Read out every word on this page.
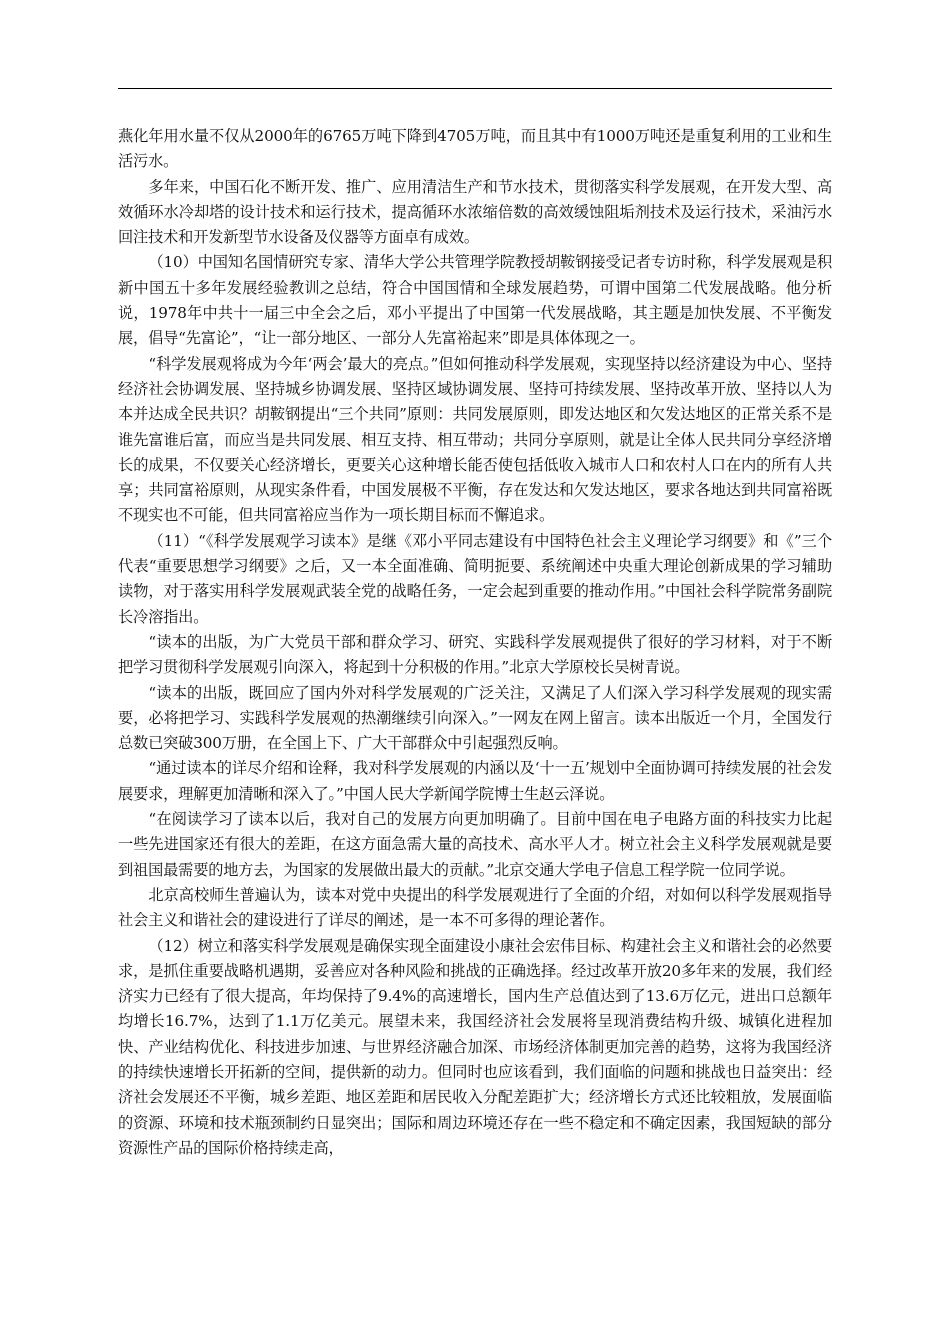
燕化年用水量不仅从2000年的6765万吨下降到4705万吨，而且其中有1000万吨还是重复利用的工业和生活污水。

多年来，中国石化不断开发、推广、应用清洁生产和节水技术，贯彻落实科学发展观，在开发大型、高效循环水冷却塔的设计技术和运行技术，提高循环水浓缩倍数的高效缓蚀阻垢剂技术及运行技术，采油污水回注技术和开发新型节水设备及仪器等方面卓有成效。

（10）中国知名国情研究专家、清华大学公共管理学院教授胡鞍钢接受记者专访时称，科学发展观是积新中国五十多年发展经验教训之总结，符合中国国情和全球发展趋势，可谓中国第二代发展战略。他分析说，1978年中共十一届三中全会之后，邓小平提出了中国第一代发展战略，其主题是加快发展、不平衡发展，倡导“先富论”，“让一部分地区、一部分人先富裕起来”即是具体体现之一。

“科学发展观将成为今年‘两会’最大的亮点。”但如何推动科学发展观，实现坚持以经济建设为中心、坚持经济社会协调发展、坚持城乡协调发展、坚持区域协调发展、坚持可持续发展、坚持改革开放、坚持以人为本并达成全民共识？胡鞍钢提出“三个共同”原则：共同发展原则，即发达地区和欠发达地区的正常关系不是谁先富谁后富，而应当是共同发展、相互支持、相互带动；共同分享原则，就是让全体人民共同分享经济增长的成果，不仅要关心经济增长，更要关心这种增长能否使包括低收入城市人口和农村人口在内的所有人共享；共同富裕原则，从现实条件看，中国发展极不平衡，存在发达和欠发达地区，要求各地达到共同富裕既不现实也不可能，但共同富裕应当作为一项长期目标而不懈追求。

（11）“《科学发展观学习读本》是继《邓小平同志建设有中国特色社会主义理论学习纲要》和《”三个代表“重要思想学习纲要》之后，又一本全面准确、简明扼要、系统阐述中央重大理论创新成果的学习辅助读物，对于落实用科学发展观武装全党的战略任务，一定会起到重要的推动作用。”中国社会科学院常务副院长冷溶指出。

“读本的出版，为广大党员干部和群众学习、研究、实践科学发展观提供了很好的学习材料，对于不断把学习贯彻科学发展观引向深入，将起到十分积极的作用。”北京大学原校长吴树青说。

“读本的出版，既回应了国内外对科学发展观的广泛关注，又满足了人们深入学习科学发展观的现实需要，必将把学习、实践科学发展观的热潮继续引向深入。”一网友在网上留言。读本出版近一个月，全国发行总数已突破300万册，在全国上下、广大干部群众中引起强烈反响。

“通过读本的详尽介绍和诠释，我对科学发展观的内涵以及‘十一五’规划中全面协调可持续发展的社会发展要求，理解更加清晰和深入了。”中国人民大学新闻学院博士生赵云泽说。

“在阅读学习了读本以后，我对自己的发展方向更加明确了。目前中国在电子电路方面的科技实力比起一些先进国家还有很大的差距，在这方面急需大量的高技术、高水平人才。树立社会主义科学发展观就是要到祖国最需要的地方去，为国家的发展做出最大的贡献。”北京交通大学电子信息工程学院一位同学说。

北京高校师生普遍认为，读本对党中央提出的科学发展观进行了全面的介绍，对如何以科学发展观指导社会主义和谐社会的建设进行了详尽的阐述，是一本不可多得的理论著作。

（12）树立和落实科学发展观是确保实现全面建设小康社会宏伟目标、构建社会主义和谐社会的必然要求，是抓住重要战略机遇期，妥善应对各种风险和挑战的正确选择。经过改革开放20多年来的发展，我们经济实力已经有了很大提高，年均保持了9.4%的高速增长，国内生产总值达到了13.6万亿元，进出口总额年均增长16.7%，达到了1.1万亿美元。展望未来，我国经济社会发展将呈现消费结构升级、城镇化进程加快、产业结构优化、科技进步加速、与世界经济融合加深、市场经济体制更加完善的趋势，这将为我国经济的持续快速增长开拓新的空间，提供新的动力。但同时也应该看到，我们面临的问题和挑战也日益突出：经济社会发展还不平衡，城乡差距、地区差距和居民收入分配差距扩大；经济增长方式还比较粗放，发展面临的资源、环境和技术瓶颈制约日显突出；国际和周边环境还存在一些不稳定和不确定因素，我国短缺的部分资源性产品的国际价格持续走高，
